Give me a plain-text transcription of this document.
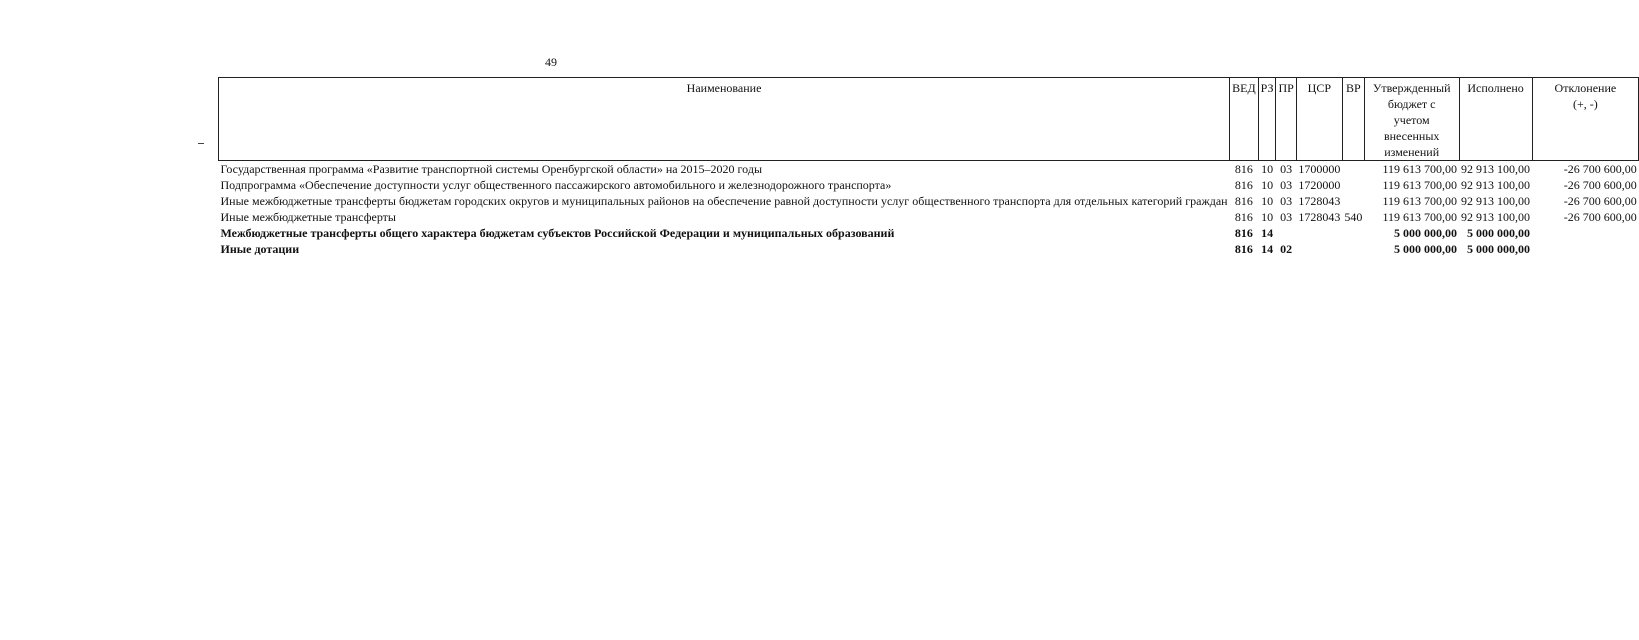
49
Наименование	ВЕД	РЗ	ПР	ЦСР	ВР	Утвержденный бюджет с учетом внесенных изменений	Исполнено	Отклонение (+, -)
Государственная программа «Развитие транспортной системы Оренбургской области» на 2015–2020 годы	816	10	03	1700000		119 613 700,00	92 913 100,00	-26 700 600,00
Подпрограмма «Обеспечение доступности услуг общественного пассажирского автомобильного и железнодорожного транспорта»	816	10	03	1720000		119 613 700,00	92 913 100,00	-26 700 600,00
Иные межбюджетные трансферты бюджетам городских округов и муниципальных районов на обеспечение равной доступности услуг общественного транспорта для отдельных категорий граждан	816	10	03	1728043		119 613 700,00	92 913 100,00	-26 700 600,00
Иные межбюджетные трансферты	816	10	03	1728043	540	119 613 700,00	92 913 100,00	-26 700 600,00
Межбюджетные трансферты общего характера бюджетам субъектов Российской Федерации и муниципальных образований	816	14				5 000 000,00	5 000 000,00	
Иные дотации	816	14	02			5 000 000,00	5 000 000,00	
